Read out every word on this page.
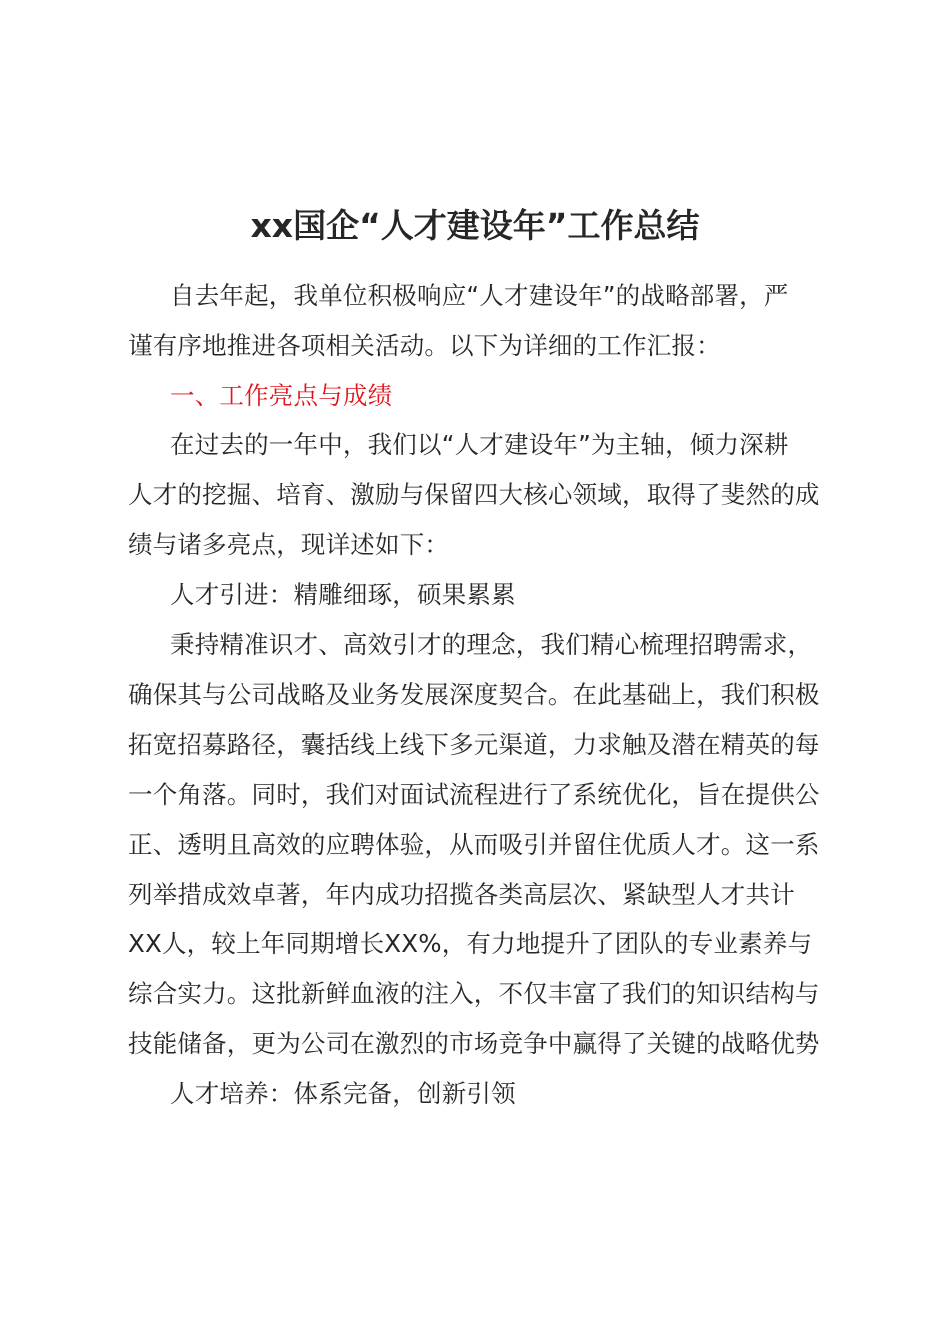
xx国企“人才建设年”工作总结
自去年起，我单位积极响应“人才建设年”的战略部署，严
谨有序地推进各项相关活动。以下为详细的工作汇报：
一、工作亮点与成绩
在过去的一年中，我们以“人才建设年”为主轴，倾力深耕
人才的挖掘、培育、激励与保留四大核心领域，取得了斐然的成
绩与诸多亮点，现详述如下：
人才引进：精雕细琢，硕果累累
秉持精准识才、高效引才的理念，我们精心梳理招聘需求，
确保其与公司战略及业务发展深度契合。在此基础上，我们积极
拓宽招募路径，囊括线上线下多元渠道，力求触及潜在精英的每
一个角落。同时，我们对面试流程进行了系统优化，旨在提供公
正、透明且高效的应聘体验，从而吸引并留住优质人才。这一系
列举措成效卓著，年内成功招揽各类高层次、紧缺型人才共计
XX人，较上年同期增长XX%，有力地提升了团队的专业素养与
综合实力。这批新鲜血液的注入，不仅丰富了我们的知识结构与
技能储备，更为公司在激烈的市场竞争中赢得了关键的战略优势
人才培养：体系完备，创新引领
